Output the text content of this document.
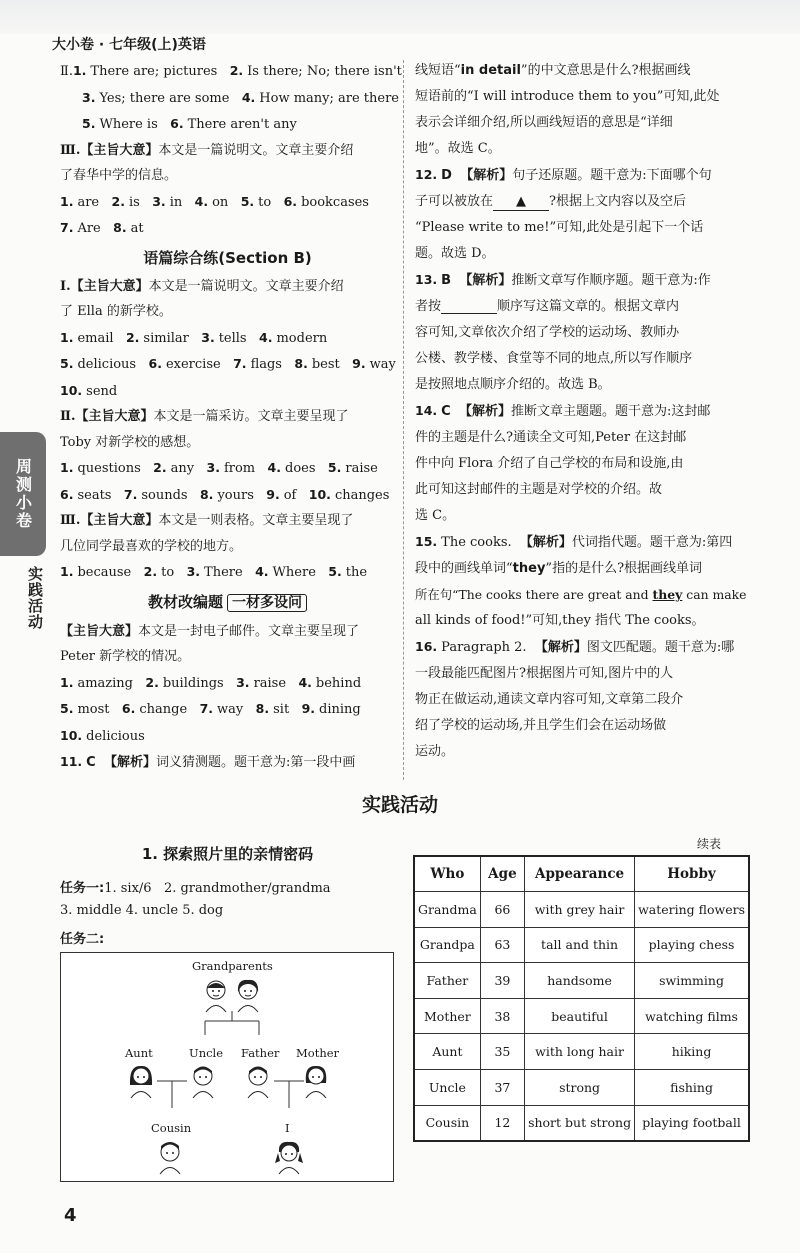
大小卷 · 七年级(上)英语
周测小卷
实践活动
Ⅱ.1. There are; pictures 2. Is there; No; there isn't
3. Yes; there are some 4. How many; are there
5. Where is 6. There aren't any
Ⅲ.【主旨大意】本文是一篇说明文。文章主要介绍
了春华中学的信息。
1. are 2. is 3. in 4. on 5. to 6. bookcases
7. Are 8. at
语篇综合练(Section B)
Ⅰ.【主旨大意】本文是一篇说明文。文章主要介绍
了 Ella 的新学校。
1. email 2. similar 3. tells 4. modern
5. delicious 6. exercise 7. flags 8. best 9. way
10. send
Ⅱ.【主旨大意】本文是一篇采访。文章主要呈现了
Toby 对新学校的感想。
1. questions 2. any 3. from 4. does 5. raise
6. seats 7. sounds 8. yours 9. of 10. changes
Ⅲ.【主旨大意】本文是一则表格。文章主要呈现了
几位同学最喜欢的学校的地方。
1. because 2. to 3. There 4. Where 5. the
教材改编题 一材多设问
【主旨大意】本文是一封电子邮件。文章主要呈现了
Peter 新学校的情况。
1. amazing 2. buildings 3. raise 4. behind
5. most 6. change 7. way 8. sit 9. dining
10. delicious
11. C 【解析】词义猜测题。题干意为:第一段中画
线短语“in detail”的中文意思是什么?根据画线
短语前的“I will introduce them to you”可知,此处
表示会详细介绍,所以画线短语的意思是“详细
地”。故选 C。
12. D 【解析】句子还原题。题干意为:下面哪个句
子可以被放在 ▲ ?根据上文内容以及空后
“Please write to me!”可知,此处是引起下一个话
题。故选 D。
13. B 【解析】推断文章写作顺序题。题干意为:作
者按	顺序写这篇文章的。根据文章内
容可知,文章依次介绍了学校的运动场、教师办
公楼、教学楼、食堂等不同的地点,所以写作顺序
是按照地点顺序介绍的。故选 B。
14. C 【解析】推断文章主题题。题干意为:这封邮
件的主题是什么?通读全文可知,Peter 在这封邮
件中向 Flora 介绍了自己学校的布局和设施,由
此可知这封邮件的主题是对学校的介绍。故
选 C。
15. The cooks. 【解析】代词指代题。题干意为:第四
段中的画线单词“they”指的是什么?根据画线单词
所在句“The cooks there are great and they can make
all kinds of food!”可知,they 指代 The cooks。
16. Paragraph 2. 【解析】图文匹配题。题干意为:哪
一段最能匹配图片?根据图片可知,图片中的人
物正在做运动,通读文章内容可知,文章第二段介
绍了学校的运动场,并且学生们会在运动场做
运动。
实践活动
1. 探索照片里的亲情密码
任务一:1. six/6   2. grandmother/grandma
3. middle 4. uncle 5. dog
任务二:
Grandparents
Aunt	Uncle Father Mother
Cousin	I
续表
Who	Age	Appearance	Hobby
Grandma	66	with grey hair	watering flowers
Grandpa	63	tall and thin	playing chess
Father	39	handsome	swimming
Mother	38	beautiful	watching films
Aunt	35	with long hair	hiking
Uncle	37	strong	fishing
Cousin	12	short but strong	playing football
4
